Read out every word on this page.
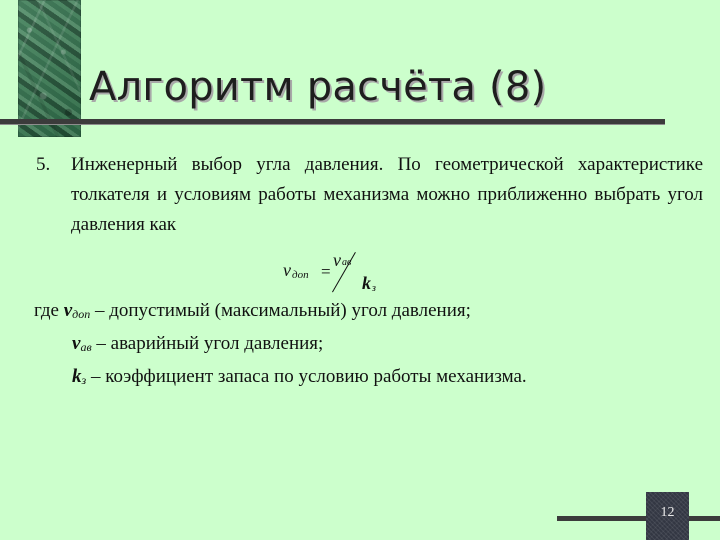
Алгоритм расчёта (8)
5.	Инженерный выбор угла давления. По геометрической характеристике толкателя и условиям работы механизма можно приближенно выбрать угол давления как
νдоп =
νав
kз
где νдоп – допустимый (максимальный) угол давления;
νав – аварийный угол давления;
kз – коэффициент запаса по условию работы механизма.
12
